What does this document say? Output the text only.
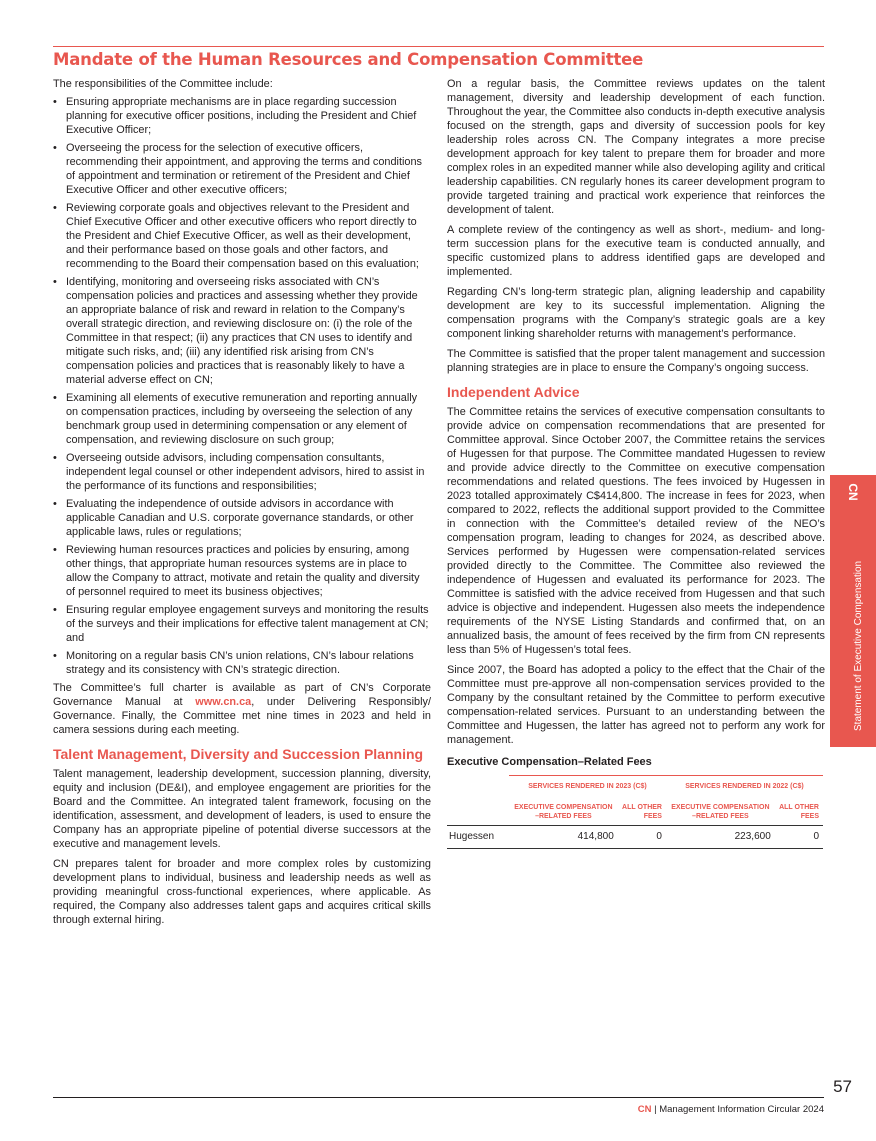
Mandate of the Human Resources and Compensation Committee

The responsibilities of the Committee include:

• Ensuring appropriate mechanisms are in place regarding succession planning for executive officer positions, including the President and Chief Executive Officer;
• Overseeing the process for the selection of executive officers, recommending their appointment, and approving the terms and conditions of appointment and termination or retirement of the President and Chief Executive Officer and other executive officers;
• Reviewing corporate goals and objectives relevant to the President and Chief Executive Officer and other executive officers who report directly to the President and Chief Executive Officer, as well as their development, and their performance based on those goals and other factors, and recommending to the Board their compensation based on this evaluation;
• Identifying, monitoring and overseeing risks associated with CN’s compensation policies and practices and assessing whether they provide an appropriate balance of risk and reward in relation to the Company’s overall strategic direction, and reviewing disclosure on: (i) the role of the Committee in that respect; (ii) any practices that CN uses to identify and mitigate such risks, and; (iii) any identified risk arising from CN’s compensation policies and practices that is reasonably likely to have a material adverse effect on CN;
• Examining all elements of executive remuneration and reporting annually on compensation practices, including by overseeing the selection of any benchmark group used in determining compensation or any element of compensation, and reviewing disclosure on such group;
• Overseeing outside advisors, including compensation consultants, independent legal counsel or other independent advisors, hired to assist in the performance of its functions and responsibilities;
• Evaluating the independence of outside advisors in accordance with applicable Canadian and U.S. corporate governance standards, or other applicable laws, rules or regulations;
• Reviewing human resources practices and policies by ensuring, among other things, that appropriate human resources systems are in place to allow the Company to attract, motivate and retain the quality and diversity of personnel required to meet its business objectives;
• Ensuring regular employee engagement surveys and monitoring the results of the surveys and their implications for effective talent management at CN; and
• Monitoring on a regular basis CN’s union relations, CN’s labour relations strategy and its consistency with CN’s strategic direction.

The Committee’s full charter is available as part of CN’s Corporate Governance Manual at www.cn.ca, under Delivering Responsibly/ Governance. Finally, the Committee met nine times in 2023 and held in camera sessions during each meeting.

Talent Management, Diversity and Succession Planning

Talent management, leadership development, succession planning, diversity, equity and inclusion (DE&I), and employee engagement are priorities for the Board and the Committee. An integrated talent framework, focusing on the identification, assessment, and development of leaders, is used to ensure the Company has an appropriate pipeline of potential diverse successors at the executive and management levels.

CN prepares talent for broader and more complex roles by customizing development plans to individual, business and leadership needs as well as providing meaningful cross-functional experiences, where applicable. As required, the Company also addresses talent gaps and acquires critical skills through external hiring.

On a regular basis, the Committee reviews updates on the talent management, diversity and leadership development of each function. Throughout the year, the Committee also conducts in-depth executive analysis focused on the strength, gaps and diversity of succession pools for key leadership roles across CN. The Company integrates a more precise development approach for key talent to prepare them for broader and more complex roles in an expedited manner while also developing agility and critical leadership capabilities. CN regularly hones its career development program to provide targeted training and practical work experience that reinforces the development of talent.

A complete review of the contingency as well as short-, medium- and long-term succession plans for the executive team is conducted annually, and specific customized plans to address identified gaps are developed and implemented.

Regarding CN’s long-term strategic plan, aligning leadership and capability development are key to its successful implementation. Aligning the compensation programs with the Company’s strategic goals are a key component linking shareholder returns with management’s performance.

The Committee is satisfied that the proper talent management and succession planning strategies are in place to ensure the Company’s ongoing success.

Independent Advice

The Committee retains the services of executive compensation consultants to provide advice on compensation recommendations that are presented for Committee approval. Since October 2007, the Committee retains the services of Hugessen for that purpose. The Committee mandated Hugessen to review and provide advice directly to the Committee on executive compensation recommendations and related questions. The fees invoiced by Hugessen in 2023 totalled approximately C$414,800. The increase in fees for 2023, when compared to 2022, reflects the additional support provided to the Committee in connection with the Committee’s detailed review of the NEO’s compensation program, leading to changes for 2024, as described above. Services performed by Hugessen were compensation-related services provided directly to the Committee. The Committee also reviewed the independence of Hugessen and evaluated its performance for 2023. The Committee is satisfied with the advice received from Hugessen and that such advice is objective and independent. Hugessen also meets the independence requirements of the NYSE Listing Standards and confirmed that, on an annualized basis, the amount of fees received by the firm from CN represents less than 5% of Hugessen’s total fees.

Since 2007, the Board has adopted a policy to the effect that the Chair of the Committee must pre-approve all non-compensation services provided to the Company by the consultant retained by the Committee to perform executive compensation-related services. Pursuant to an understanding between the Committee and Hugessen, the latter has agreed not to perform any work for management.

Executive Compensation–Related Fees
	SERVICES RENDERED IN 2023 (C$)		SERVICES RENDERED IN 2022 (C$)	
	EXECUTIVE COMPENSATION –RELATED FEES	ALL OTHER FEES	EXECUTIVE COMPENSATION –RELATED FEES	ALL OTHER FEES
Hugessen	414,800	0	223,600	0

CN
Statement of Executive Compensation
57
CN | Management Information Circular 2024
